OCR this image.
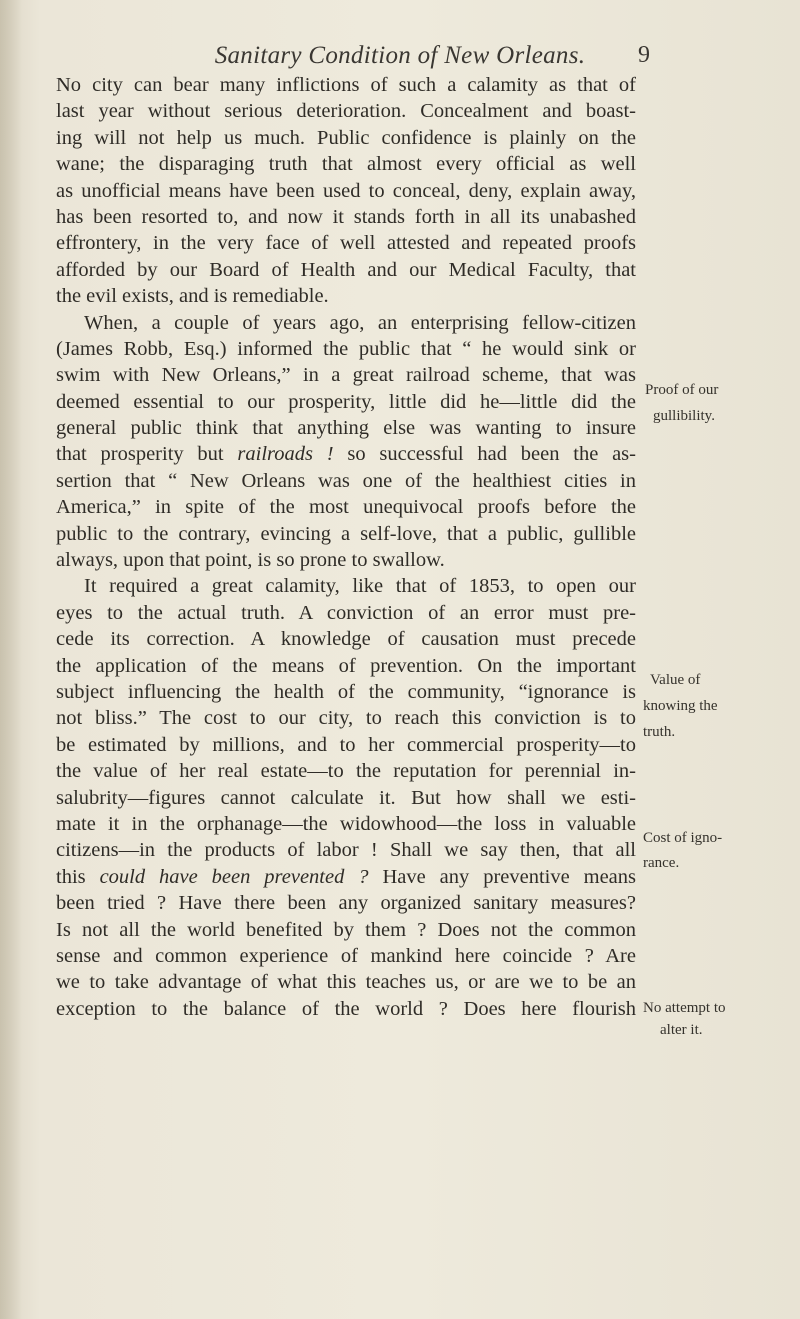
Sanitary Condition of New Orleans.	9
No city can bear many inflictions of such a calamity as that of
last year without serious deterioration. Concealment and boast-
ing will not help us much. Public confidence is plainly on the
wane; the disparaging truth that almost every official as well
as unofficial means have been used to conceal, deny, explain away,
has been resorted to, and now it stands forth in all its unabashed
effrontery, in the very face of well attested and repeated proofs
afforded by our Board of Health and our Medical Faculty, that
the evil exists, and is remediable.
When, a couple of years ago, an enterprising fellow-citizen
(James Robb, Esq.) informed the public that “ he would sink or
swim with New Orleans,” in a great railroad scheme, that was
deemed essential to our prosperity, little did he—little did the
general public think that anything else was wanting to insure
that prosperity but railroads ! so successful had been the as-
sertion that “ New Orleans was one of the healthiest cities in
America,” in spite of the most unequivocal proofs before the
public to the contrary, evincing a self-love, that a public, gullible
always, upon that point, is so prone to swallow.
It required a great calamity, like that of 1853, to open our
eyes to the actual truth. A conviction of an error must pre-
cede its correction. A knowledge of causation must precede
the application of the means of prevention. On the important
subject influencing the health of the community, “ignorance is
not bliss.” The cost to our city, to reach this conviction is to
be estimated by millions, and to her commercial prosperity—to
the value of her real estate—to the reputation for perennial in-
salubrity—figures cannot calculate it. But how shall we esti-
mate it in the orphanage—the widowhood—the loss in valuable
citizens—in the products of labor ! Shall we say then, that all
this could have been prevented ? Have any preventive means
been tried ? Have there been any organized sanitary measures?
Is not all the world benefited by them ? Does not the common
sense and common experience of mankind here coincide ? Are
we to take advantage of what this teaches us, or are we to be an
exception to the balance of the world ? Does here flourish
Proof of our
gullibility.
Value of
knowing the
truth.
Cost of igno-
rance.
No attempt to
alter it.
